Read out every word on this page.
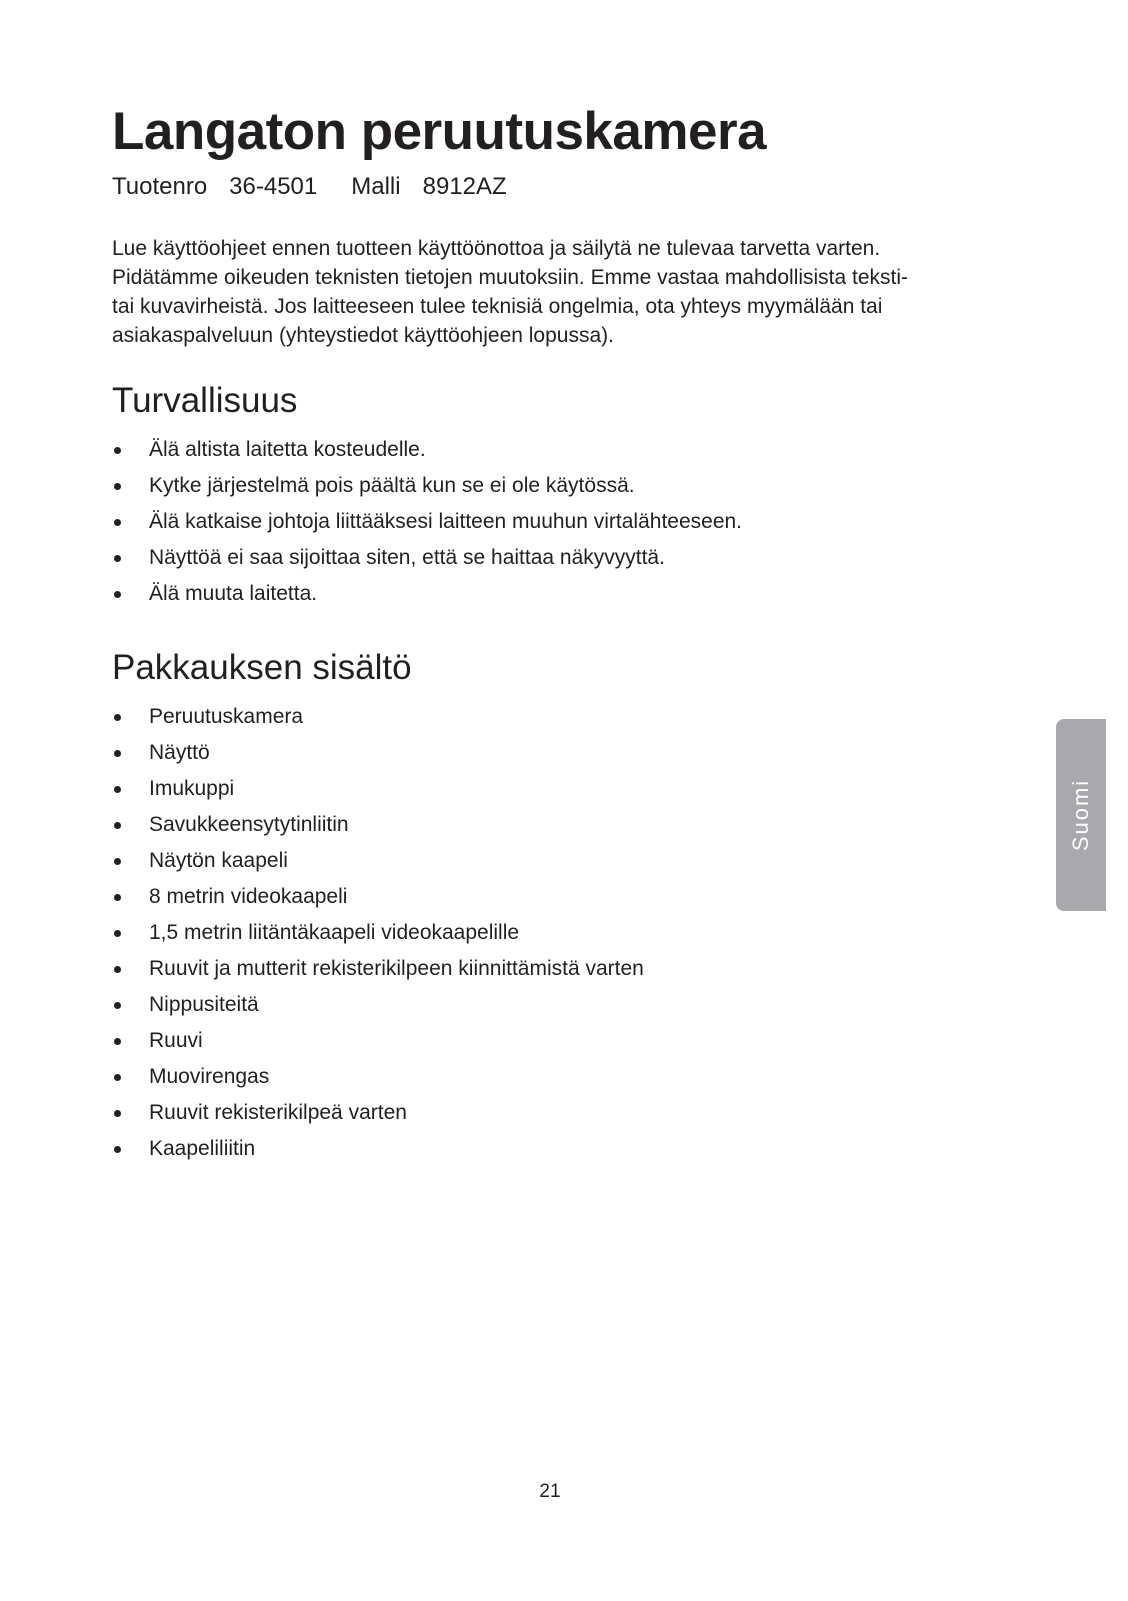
Langaton peruutuskamera
Tuotenro 36-4501 Malli 8912AZ

Lue käyttöohjeet ennen tuotteen käyttöönottoa ja säilytä ne tulevaa tarvetta varten.
Pidätämme oikeuden teknisten tietojen muutoksiin. Emme vastaa mahdollisista teksti-
tai kuvavirheistä. Jos laitteeseen tulee teknisiä ongelmia, ota yhteys myymälään tai
asiakaspalveluun (yhteystiedot käyttöohjeen lopussa).

Turvallisuus
Älä altista laitetta kosteudelle.
Kytke järjestelmä pois päältä kun se ei ole käytössä.
Älä katkaise johtoja liittääksesi laitteen muuhun virtalähteeseen.
Näyttöä ei saa sijoittaa siten, että se haittaa näkyvyyttä.
Älä muuta laitetta.
Pakkauksen sisältö
Peruutuskamera
Näyttö
Imukuppi
Savukkeensytytinliitin
Näytön kaapeli
8 metrin videokaapeli
1,5 metrin liitäntäkaapeli videokaapelille
Ruuvit ja mutterit rekisterikilpeen kiinnittämistä varten
Nippusiteitä
Ruuvi
Muovirengas
Ruuvit rekisterikilpeä varten
Kaapeliliitin
Suomi
21
